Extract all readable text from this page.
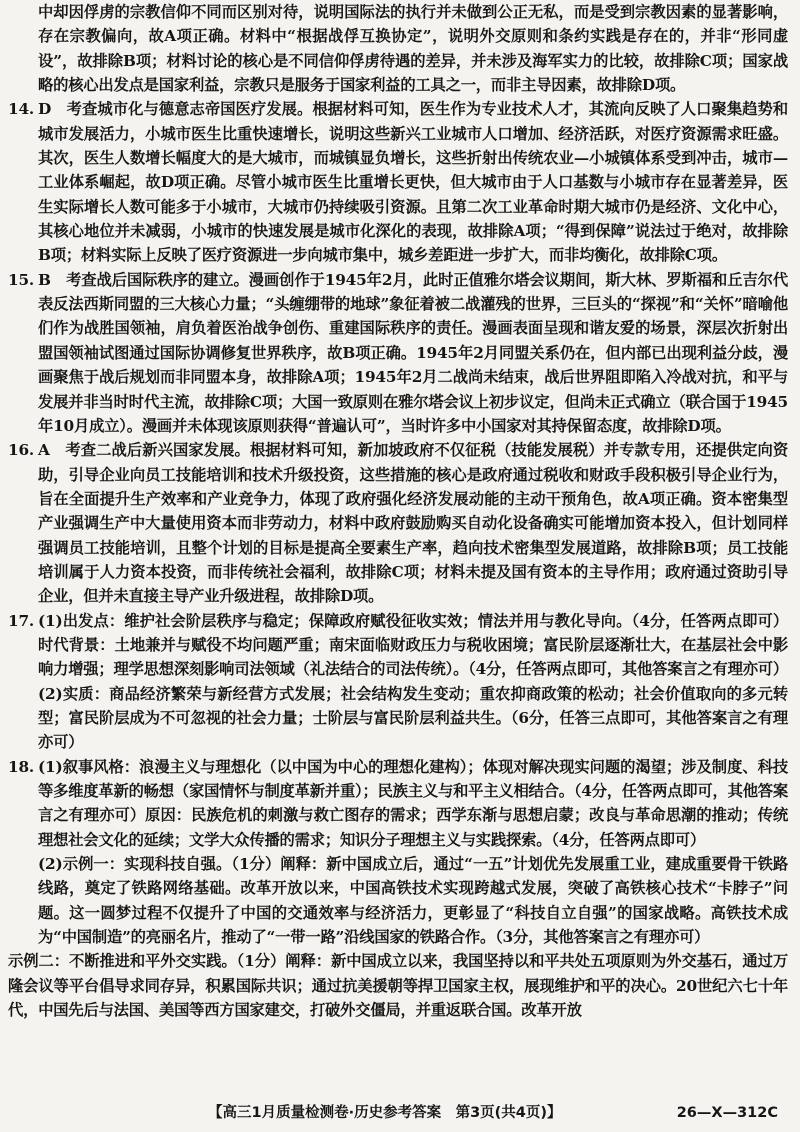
中却因俘虏的宗教信仰不同而区别对待，说明国际法的执行并未做到公正无私，而是受到宗教因素的显著影响，存在宗教偏向，故A项正确。材料中“根据战俘互换协定”，说明外交原则和条约实践是存在的，并非“形同虚设”，故排除B项；材料讨论的核心是不同信仰俘虏待遇的差异，并未涉及海军实力的比较，故排除C项；国家战略的核心出发点是国家利益，宗教只是服务于国家利益的工具之一，而非主导因素，故排除D项。

14. D　考查城市化与德意志帝国医疗发展。根据材料可知，医生作为专业技术人才，其流向反映了人口聚集趋势和城市发展活力，小城市医生比重快速增长，说明这些新兴工业城市人口增加、经济活跃，对医疗资源需求旺盛。其次，医生人数增长幅度大的是大城市，而城镇显负增长，这些折射出传统农业—小城镇体系受到冲击，城市—工业体系崛起，故D项正确。尽管小城市医生比重增长更快，但大城市由于人口基数与小城市存在显著差异，医生实际增长人数可能多于小城市，大城市仍持续吸引资源。且第二次工业革命时期大城市仍是经济、文化中心，其核心地位并未减弱，小城市的快速发展是城市化深化的表现，故排除A项；“得到保障”说法过于绝对，故排除B项；材料实际上反映了医疗资源进一步向城市集中，城乡差距进一步扩大，而非均衡化，故排除C项。

15. B　考查战后国际秩序的建立。漫画创作于1945年2月，此时正值雅尔塔会议期间，斯大林、罗斯福和丘吉尔代表反法西斯同盟的三大核心力量；“头缠绷带的地球”象征着被二战灌残的世界，三巨头的“探视”和“关怀”暗喻他们作为战胜国领袖，肩负着医治战争创伤、重建国际秩序的责任。漫画表面呈现和谐友爱的场景，深层次折射出盟国领袖试图通过国际协调修复世界秩序，故B项正确。1945年2月同盟关系仍在，但内部已出现利益分歧，漫画聚焦于战后规划而非同盟本身，故排除A项；1945年2月二战尚未结束，战后世界阻即陷入冷战对抗，和平与发展并非当时时代主流，故排除C项；大国一致原则在雅尔塔会议上初步议定，但尚未正式确立（联合国于1945年10月成立）。漫画并未体现该原则获得“普遍认可”，当时许多中小国家对其持保留态度，故排除D项。

16. A　考查二战后新兴国家发展。根据材料可知，新加坡政府不仅征税（技能发展税）并专款专用，还提供定向资助，引导企业向员工技能培训和技术升级投资，这些措施的核心是政府通过税收和财政手段积极引导企业行为，旨在全面提升生产效率和产业竞争力，体现了政府强化经济发展动能的主动干预角色，故A项正确。资本密集型产业强调生产中大量使用资本而非劳动力，材料中政府鼓励购买自动化设备确实可能增加资本投入，但计划同样强调员工技能培训，且整个计划的目标是提高全要素生产率，趋向技术密集型发展道路，故排除B项；员工技能培训属于人力资本投资，而非传统社会福利，故排除C项；材料未提及国有资本的主导作用；政府通过资助引导企业，但并未直接主导产业升级进程，故排除D项。

17. (1)出发点：维护社会阶层秩序与稳定；保障政府赋役征收实效；情法并用与教化导向。（4分，任答两点即可）时代背景：土地兼并与赋役不均问题严重；南宋面临财政压力与税收困境；富民阶层逐渐壮大，在基层社会中影响力增强；理学思想深刻影响司法领域（礼法结合的司法传统）。（4分，任答两点即可，其他答案言之有理亦可）

(2)实质：商品经济繁荣与新经营方式发展；社会结构发生变动；重农抑商政策的松动；社会价值取向的多元转型；富民阶层成为不可忽视的社会力量；士阶层与富民阶层利益共生。（6分，任答三点即可，其他答案言之有理亦可）

18. (1)叙事风格：浪漫主义与理想化（以中国为中心的理想化建构）；体现对解决现实问题的渴望；涉及制度、科技等多维度革新的畅想（家国情怀与制度革新并重）；民族主义与和平主义相结合。（4分，任答两点即可，其他答案言之有理亦可）原因：民族危机的刺激与救亡图存的需求；西学东渐与思想启蒙；改良与革命思潮的推动；传统理想社会文化的延续；文学大众传播的需求；知识分子理想主义与实践探索。（4分，任答两点即可）

(2)示例一：实现科技自强。（1分）阐释：新中国成立后，通过“一五”计划优先发展重工业，建成重要骨干铁路线路，奠定了铁路网络基础。改革开放以来，中国高铁技术实现跨越式发展，突破了高铁核心技术“卡脖子”问题。这一圆梦过程不仅提升了中国的交通效率与经济活力，更彰显了“科技自立自强”的国家战略。高铁技术成为“中国制造”的亮丽名片，推动了“一带一路”沿线国家的铁路合作。（3分，其他答案言之有理亦可）

示例二：不断推进和平外交实践。（1分）阐释：新中国成立以来，我国坚持以和平共处五项原则为外交基石，通过万隆会议等平台倡导求同存异，积累国际共识；通过抗美援朝等捍卫国家主权，展现维护和平的决心。20世纪六七十年代，中国先后与法国、美国等西方国家建交，打破外交僵局，并重返联合国。改革开放

【高三1月质量检测卷·历史参考答案　第3页(共4页)】	26—X—312C
